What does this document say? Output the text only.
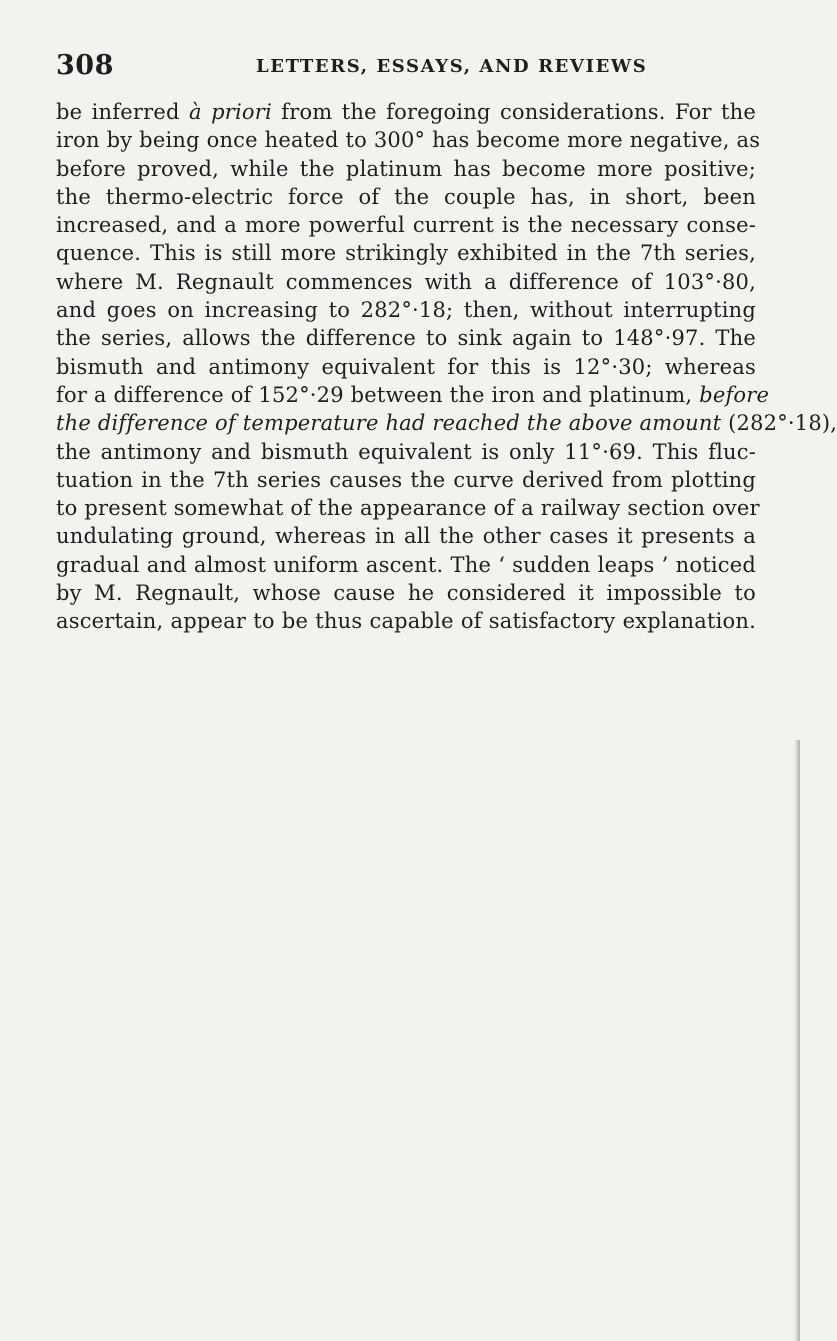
308	LETTERS, ESSAYS, AND REVIEWS
be inferred à priori from the foregoing considerations. For the
iron by being once heated to 300° has become more negative, as
before proved, while the platinum has become more positive;
the thermo-electric force of the couple has, in short, been
increased, and a more powerful current is the necessary conse-
quence. This is still more strikingly exhibited in the 7th series,
where M. Regnault commences with a difference of 103°·80,
and goes on increasing to 282°·18; then, without interrupting
the series, allows the difference to sink again to 148°·97. The
bismuth and antimony equivalent for this is 12°·30; whereas
for a difference of 152°·29 between the iron and platinum, before
the difference of temperature had reached the above amount (282°·18),
the antimony and bismuth equivalent is only 11°·69. This fluc-
tuation in the 7th series causes the curve derived from plotting
to present somewhat of the appearance of a railway section over
undulating ground, whereas in all the other cases it presents a
gradual and almost uniform ascent. The ‘ sudden leaps ’ noticed
by M. Regnault, whose cause he considered it impossible to
ascertain, appear to be thus capable of satisfactory explanation.
